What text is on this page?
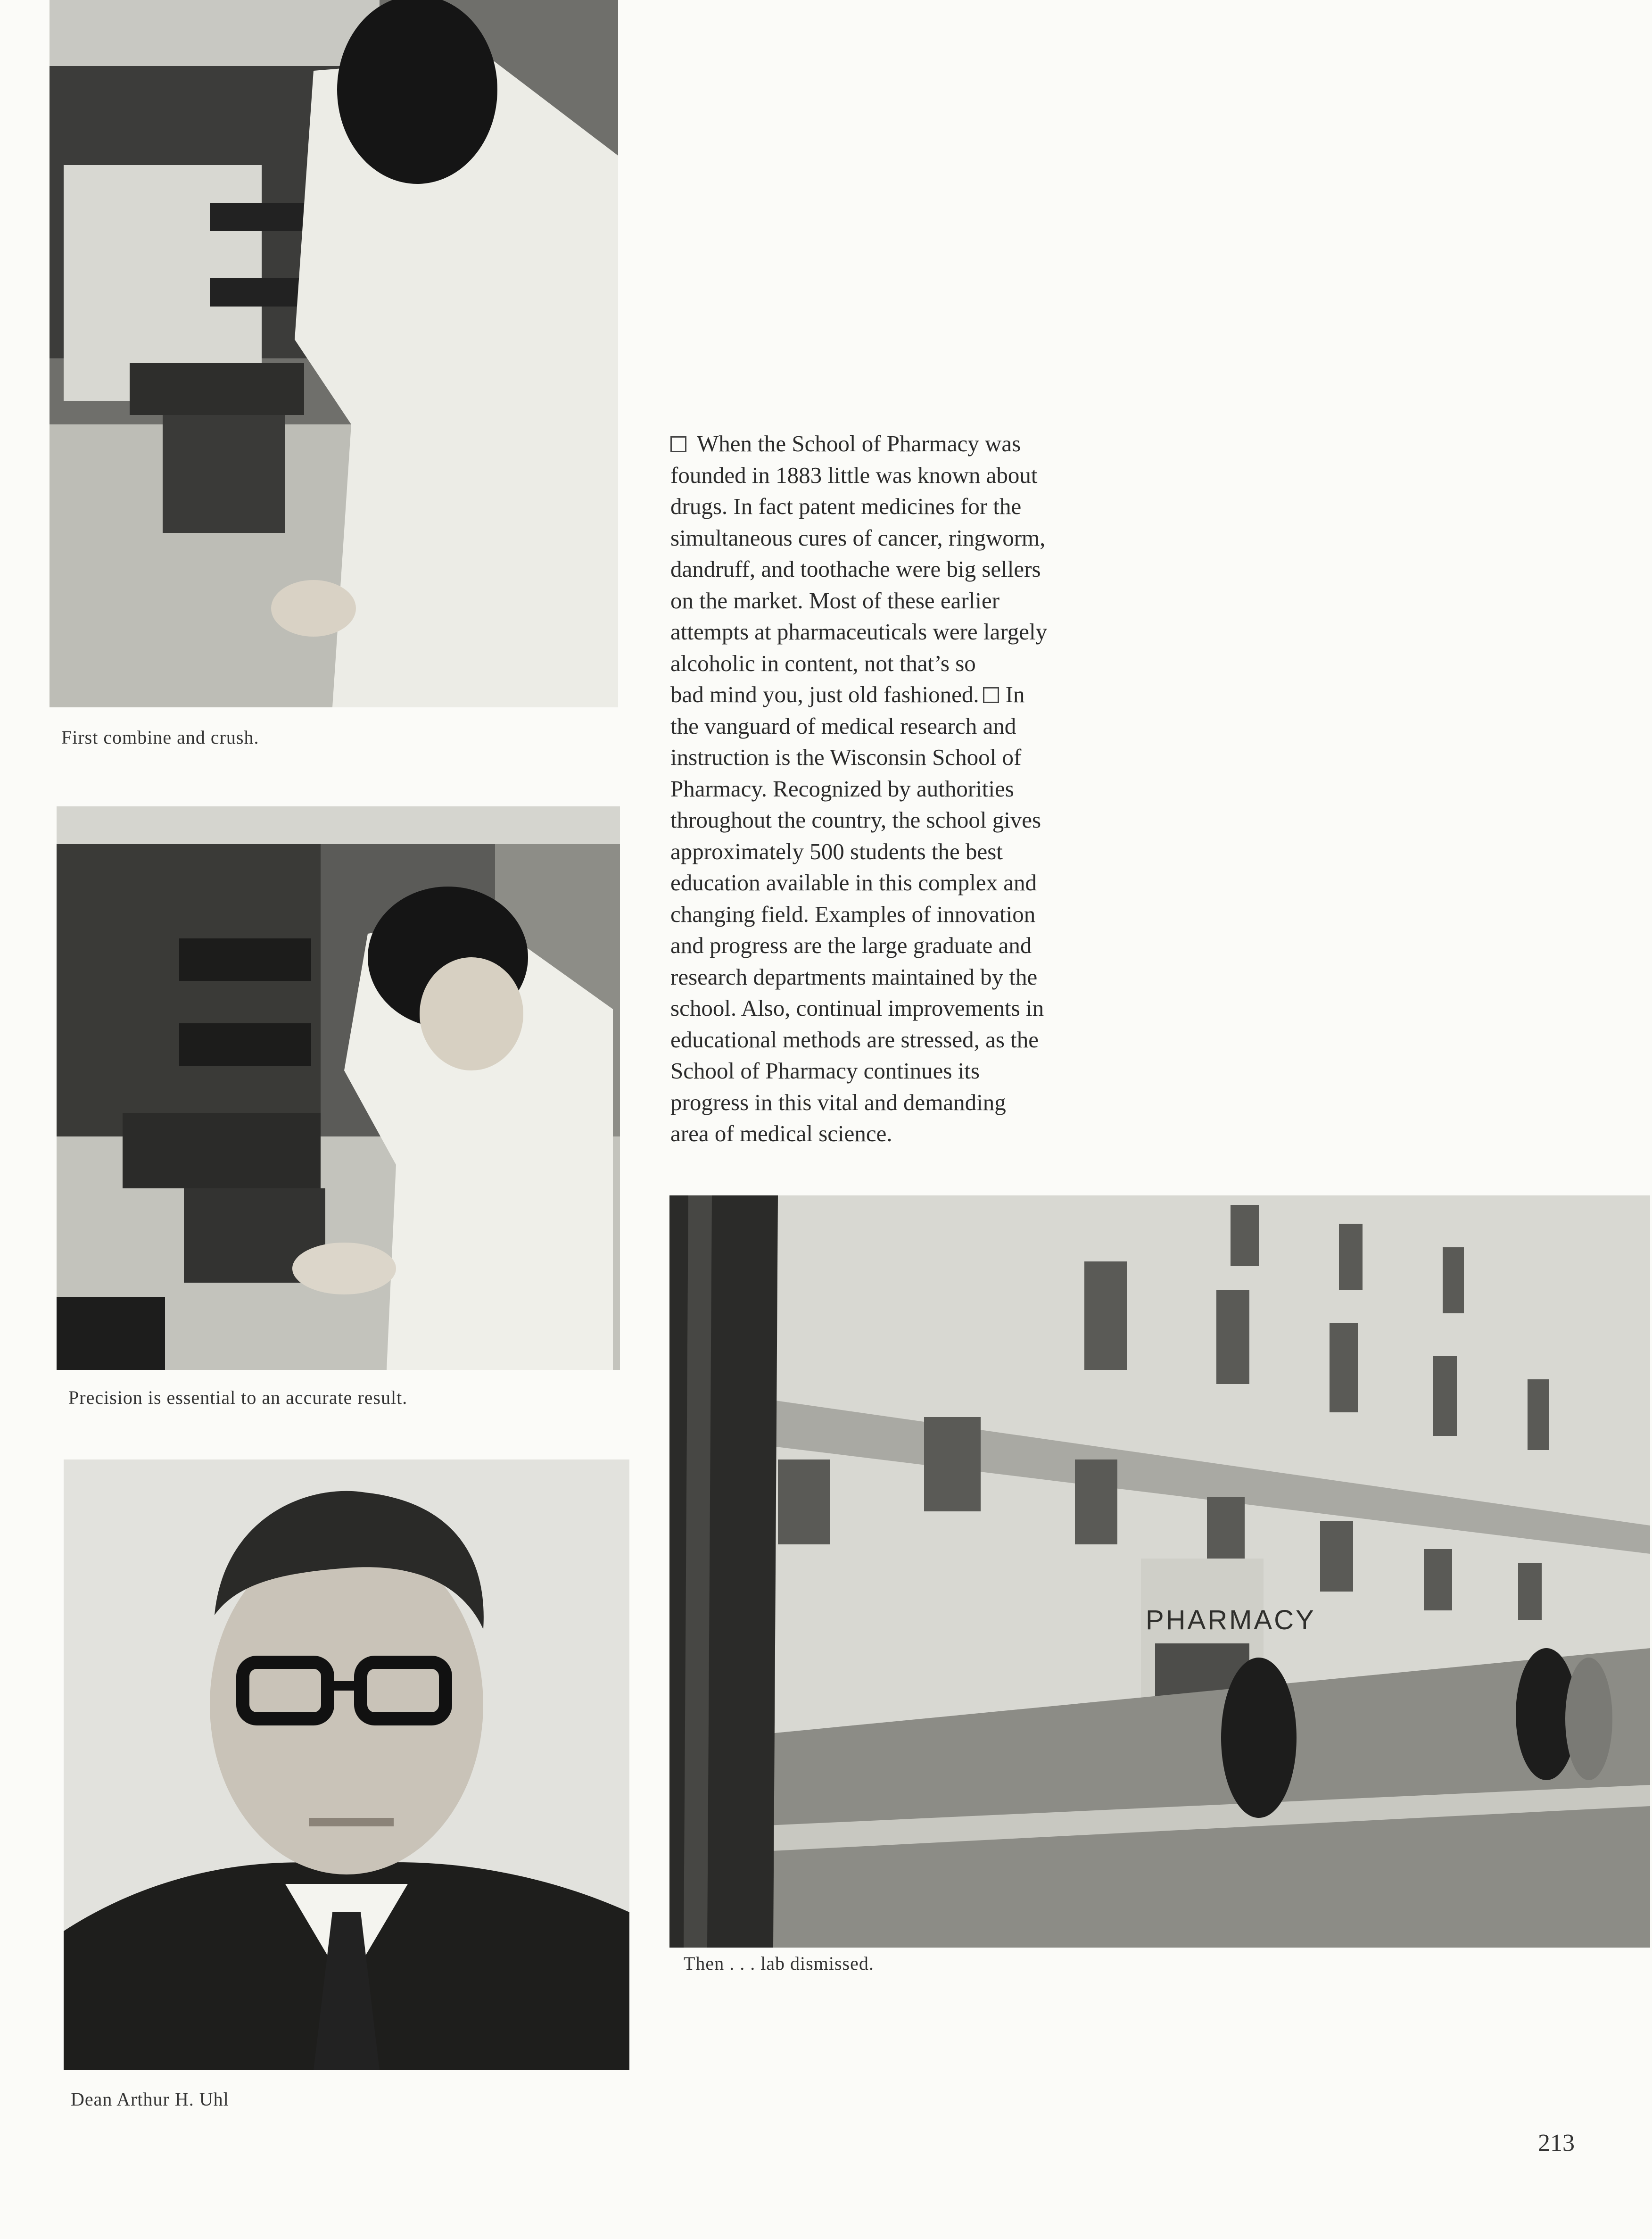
First combine and crush.
Precision is essential to an accurate result.
Dean Arthur H. Uhl

When the School of Pharmacy was
founded in 1883 little was known about
drugs. In fact patent medicines for the
simultaneous cures of cancer, ringworm,
dandruff, and toothache were big sellers
on the market. Most of these earlier
attempts at pharmaceuticals were largely
alcoholic in content, not that’s so
bad mind you, just old fashioned. In
the vanguard of medical research and
instruction is the Wisconsin School of
Pharmacy. Recognized by authorities
throughout the country, the school gives
approximately 500 students the best
education available in this complex and
changing field. Examples of innovation
and progress are the large graduate and
research departments maintained by the
school. Also, continual improvements in
educational methods are stressed, as the
School of Pharmacy continues its
progress in this vital and demanding
area of medical science.

PHARMACY
Then . . . lab dismissed.
213
